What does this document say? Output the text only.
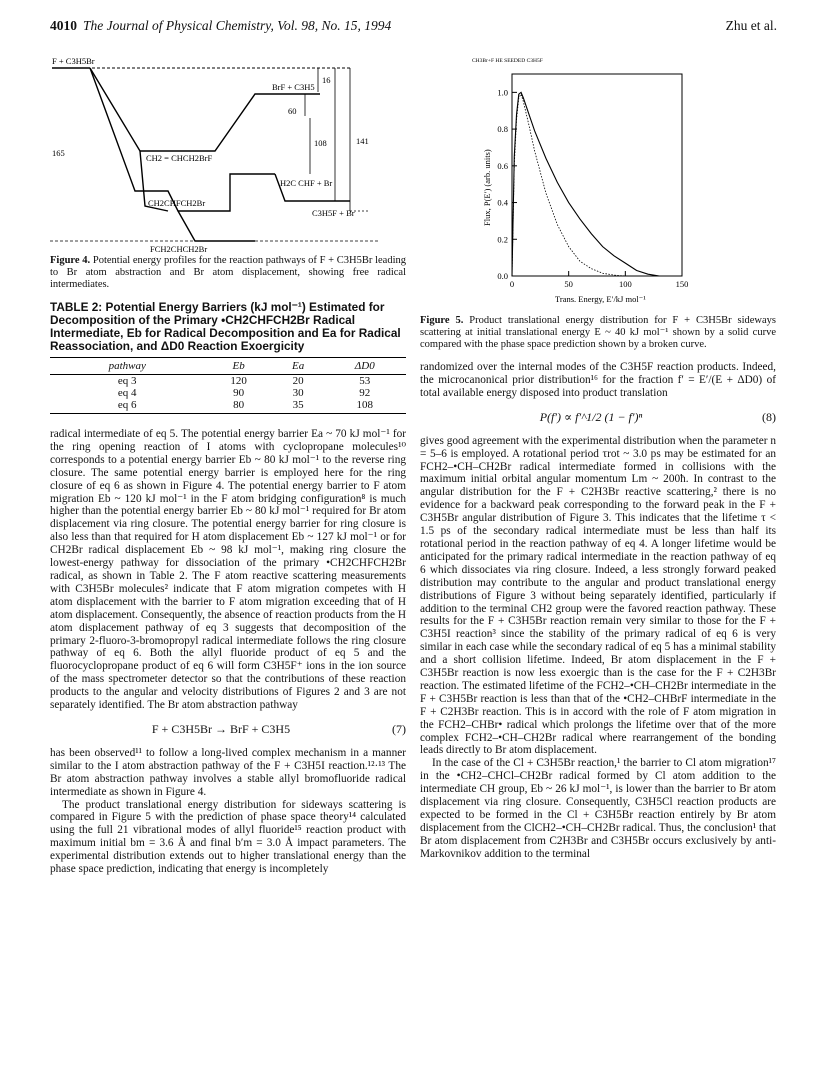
4010 The Journal of Physical Chemistry, Vol. 98, No. 15, 1994	Zhu et al.
F + C3H5Br
BrF + C3H5
CH2 = CHCH2BrF
CH2CHFCH2Br
FCH2CHCH2Br
H2C CHF + Br
C3H5F + Br
16
60
108	141
165
Figure 4. Potential energy profiles for the reaction pathways of F + C3H5Br leading to Br atom abstraction and Br atom displacement, showing free radical intermediates.
TABLE 2: Potential Energy Barriers (kJ mol⁻¹) Estimated for Decomposition of the Primary •CH2CHFCH2Br Radical Intermediate, Eb for Radical Decomposition and Ea for Radical Reassociation, and ΔD0 Reaction Exoergicity
pathway	Eb	Ea	ΔD0
eq 3	120	20	53
eq 4	90	30	92
eq 6	80	35	108

radical intermediate of eq 5. The potential energy barrier Ea ~ 70 kJ mol⁻¹ for the ring opening reaction of I atoms with cyclopropane molecules¹⁰ corresponds to a potential energy barrier Eb ~ 80 kJ mol⁻¹ to the reverse ring closure. The same potential energy barrier is employed here for the ring closure of eq 6 as shown in Figure 4. The potential energy barrier to F atom migration Eb ~ 120 kJ mol⁻¹ in the F atom bridging configuration⁸ is much higher than the potential energy barrier Eb ~ 80 kJ mol⁻¹ required for Br atom displacement via ring closure. The potential energy barrier for ring closure is also less than that required for H atom displacement Eb ~ 127 kJ mol⁻¹ or for CH2Br radical displacement Eb ~ 98 kJ mol⁻¹, making ring closure the lowest-energy pathway for dissociation of the primary •CH2CHFCH2Br radical, as shown in Table 2. The F atom reactive scattering measurements with C3H5Br molecules² indicate that F atom migration competes with H atom displacement with the barrier to F atom migration exceeding that of H atom displacement. Consequently, the absence of reaction products from the H atom displacement pathway of eq 3 suggests that decomposition of the primary 2-fluoro-3-bromopropyl radical intermediate follows the ring closure pathway of eq 6. Both the allyl fluoride product of eq 5 and the fluorocyclopropane product of eq 6 will form C3H5F⁺ ions in the ion source of the mass spectrometer detector so that the contributions of these reaction products to the angular and velocity distributions of Figures 2 and 3 are not separately identified. The Br atom abstraction pathway

F + C3H5Br → BrF + C3H5	(7)

has been observed¹¹ to follow a long-lived complex mechanism in a manner similar to the I atom abstraction pathway of the F + C3H5I reaction.¹²·¹³ The Br atom abstraction pathway involves a stable allyl bromofluoride radical intermediate as shown in Figure 4.

The product translational energy distribution for sideways scattering is compared in Figure 5 with the prediction of phase space theory¹⁴ calculated using the full 21 vibrational modes of allyl fluoride¹⁵ reaction product with maximum initial bm = 3.6 Å and final b′m = 3.0 Å impact parameters. The experimental distribution extends out to higher translational energy than the phase space prediction, indicating that energy is incompletely

CH3Br+F HE SEEDED C3H5F
Flux, P(E′) (arb. units)
Trans. Energy, E′/kJ mol⁻¹
0.0
0.2
0.4
0.6
0.8
1.0
0	50	100	150
Figure 5. Product translational energy distribution for F + C3H5Br sideways scattering at initial translational energy E ~ 40 kJ mol⁻¹ shown by a solid curve compared with the phase space prediction shown by a broken curve.

randomized over the internal modes of the C3H5F reaction products. Indeed, the microcanonical prior distribution¹⁶ for the fraction f′ = E′/(E + ΔD0) of total available energy disposed into product translation

P(f′) ∝ f′^1/2 (1 − f′)ⁿ	(8)

gives good agreement with the experimental distribution when the parameter n = 5–6 is employed. A rotational period τrot ~ 3.0 ps may be estimated for an FCH2–•CH–CH2Br radical intermediate formed in collisions with the maximum initial orbital angular momentum Lm ~ 200ħ. In contrast to the angular distribution for the F + C2H3Br reactive scattering,² there is no evidence for a backward peak corresponding to the forward peak in the F + C3H5Br angular distribution of Figure 3. This indicates that the lifetime τ < 1.5 ps of the secondary radical intermediate must be less than half its rotational period in the reaction pathway of eq 4. A longer lifetime would be anticipated for the primary radical intermediate in the reaction pathway of eq 6 which dissociates via ring closure. Indeed, a less strongly forward peaked distribution may contribute to the angular and product translational energy distributions of Figure 3 without being separately identified, particularly if addition to the terminal CH2 group were the favored reaction pathway. These results for the F + C3H5Br reaction remain very similar to those for the F + C3H5I reaction³ since the stability of the primary radical of eq 6 is very similar in each case while the secondary radical of eq 5 has a minimal stability and a short collision lifetime. Indeed, Br atom displacement in the F + C3H5Br reaction is now less exoergic than is the case for the F + C2H3Br reaction. The estimated lifetime of the FCH2–•CH–CH2Br intermediate in the F + C3H5Br reaction is less than that of the •CH2–CHBrF intermediate in the F + C2H3Br reaction. This is in accord with the role of F atom migration in the FCH2–CHBr• radical which prolongs the lifetime over that of the more complex FCH2–•CH–CH2Br radical where rearrangement of the bonding leads directly to Br atom displacement.

In the case of the Cl + C3H5Br reaction,¹ the barrier to Cl atom migration¹⁷ in the •CH2–CHCl–CH2Br radical formed by Cl atom addition to the intermediate CH group, Eb ~ 26 kJ mol⁻¹, is lower than the barrier to Br atom displacement via ring closure. Consequently, C3H5Cl reaction products are expected to be formed in the Cl + C3H5Br reaction entirely by Br atom displacement from the ClCH2–•CH–CH2Br radical. Thus, the conclusion¹ that Br atom displacement from C2H3Br and C3H5Br occurs exclusively by anti-Markovnikov addition to the terminal
